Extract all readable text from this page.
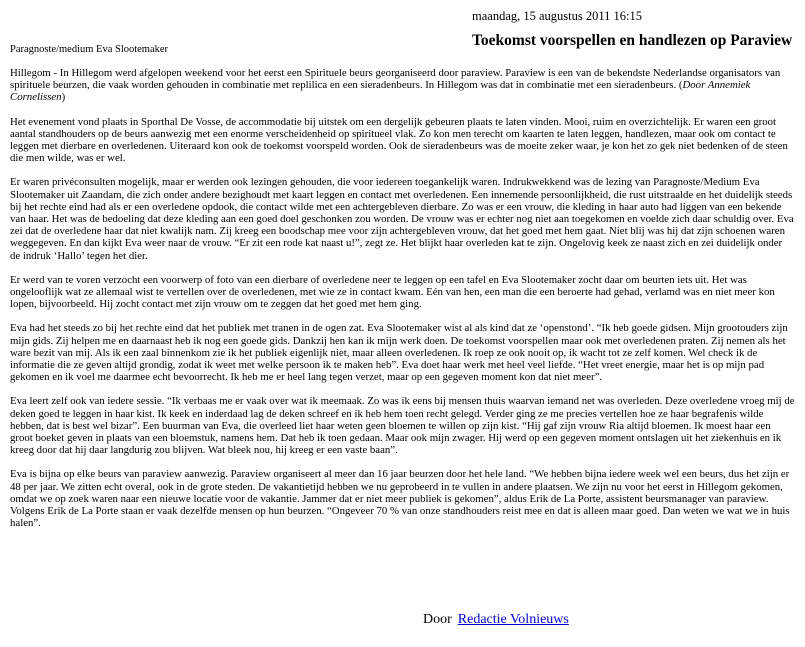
maandag, 15 augustus 2011 16:15
Toekomst voorspellen en handlezen op Paraview
Paragnoste/medium Eva Slootemaker

Hillegom - In Hillegom werd afgelopen weekend voor het eerst een Spirituele beurs georganiseerd door paraview. Paraview is een van de bekendste Nederlandse organisators van spirituele beurzen, die vaak worden gehouden in combinatie met replilica en een sieradenbeurs. In Hillegom was dat in combinatie met een sieradenbeurs. (Door Annemiek Cornelissen)

Het evenement vond plaats in Sporthal De Vosse, de accommodatie bij uitstek om een dergelijk gebeuren plaats te laten vinden. Mooi, ruim en overzichtelijk. Er waren een groot aantal standhouders op de beurs aanwezig met een enorme verscheidenheid op spiritueel vlak. Zo kon men terecht om kaarten te laten leggen, handlezen, maar ook om contact te leggen met dierbare en overledenen. Uiteraard kon ook de toekomst voorspeld worden. Ook de sieradenbeurs was de moeite zeker waar, je kon het zo gek niet bedenken of de steen die men wilde, was er wel.

Er waren privéconsulten mogelijk, maar er werden ook lezingen gehouden, die voor iedereen toegankelijk waren. Indrukwekkend was de lezing van Paragnoste/Medium Eva Slootemaker uit Zaandam, die zich onder andere bezighoudt met kaart leggen en contact met overledenen. Een innemende persoonlijkheid, die rust uitstraalde en het duidelijk steeds bij het rechte eind had als er een overledene opdook, die contact wilde met een achtergebleven dierbare. Zo was er een vrouw, die kleding in haar auto had liggen van een bekende van haar. Het was de bedoeling dat deze kleding aan een goed doel geschonken zou worden. De vrouw was er echter nog niet aan toegekomen en voelde zich daar schuldig over. Eva zei dat de overledene haar dat niet kwalijk nam. Zij kreeg een boodschap mee voor zijn achtergebleven vrouw, dat het goed met hem gaat. Niet blij was hij dat zijn schoenen waren weggegeven. En dan kijkt Eva weer naar de vrouw. “Er zit een rode kat naast u!”, zegt ze. Het blijkt haar overleden kat te zijn. Ongelovig keek ze naast zich en zei duidelijk onder de indruk ‘Hallo’ tegen het dier.

Er werd van te voren verzocht een voorwerp of foto van een dierbare of overledene neer te leggen op een tafel en Eva Slootemaker zocht daar om beurten iets uit. Het was ongelooflijk wat ze allemaal wist te vertellen over de overledenen, met wie ze in contact kwam. Eén van hen, een man die een beroerte had gehad, verlamd was en niet meer kon lopen, bijvoorbeeld. Hij zocht contact met zijn vrouw om te zeggen dat het goed met hem ging.

Eva had het steeds zo bij het rechte eind dat het publiek met tranen in de ogen zat. Eva Slootemaker wist al als kind dat ze ‘openstond’. “Ik heb goede gidsen. Mijn grootouders zijn mijn gids. Zij helpen me en daarnaast heb ik nog een goede gids. Dankzij hen kan ik mijn werk doen. De toekomst voorspellen maar ook met overledenen praten. Zij nemen als het ware bezit van mij. Als ik een zaal binnenkom zie ik het publiek eigenlijk niet, maar alleen overledenen. Ik roep ze ook nooit op, ik wacht tot ze zelf komen. Wel check ik de informatie die ze geven altijd grondig, zodat ik weet met welke persoon ik te maken heb”. Eva doet haar werk met heel veel liefde. “Het vreet energie, maar het is op mijn pad gekomen en ik voel me daarmee echt bevoorrecht. Ik heb me er heel lang tegen verzet, maar op een gegeven moment kon dat niet meer”.

Eva leert zelf ook van iedere sessie. “Ik verbaas me er vaak over wat ik meemaak. Zo was ik eens bij mensen thuis waarvan iemand net was overleden. Deze overledene vroeg mij de deken goed te leggen in haar kist. Ik keek en inderdaad lag de deken schreef en ik heb hem toen recht gelegd. Verder ging ze me precies vertellen hoe ze haar begrafenis wilde hebben, dat is best wel bizar”. Een buurman van Eva, die overleed liet haar weten geen bloemen te willen op zijn kist. “Hij gaf zijn vrouw Ria altijd bloemen. Ik moest haar een groot boeket geven in plaats van een bloemstuk, namens hem. Dat heb ik toen gedaan. Maar ook mijn zwager. Hij werd op een gegeven moment ontslagen uit het ziekenhuis en ik kreeg door dat hij daar langdurig zou blijven. Wat bleek nou, hij kreeg er een vaste baan”.

Eva is bijna op elke beurs van paraview aanwezig. Paraview organiseert al meer dan 16 jaar beurzen door het hele land. “We hebben bijna iedere week wel een beurs, dus het zijn er 48 per jaar. We zitten echt overal, ook in de grote steden. De vakantietijd hebben we nu geprobeerd in te vullen in andere plaatsen. We zijn nu voor het eerst in Hillegom gekomen, omdat we op zoek waren naar een nieuwe locatie voor de vakantie. Jammer dat er niet meer publiek is gekomen”, aldus Erik de La Porte, assistent beursmanager van paraview. Volgens Erik de La Porte staan er vaak dezelfde mensen op hun beurzen. “Ongeveer 70 % van onze standhouders reist mee en dat is alleen maar goed. Dan weten we wat we in huis halen”.

Door Redactie Volnieuws
